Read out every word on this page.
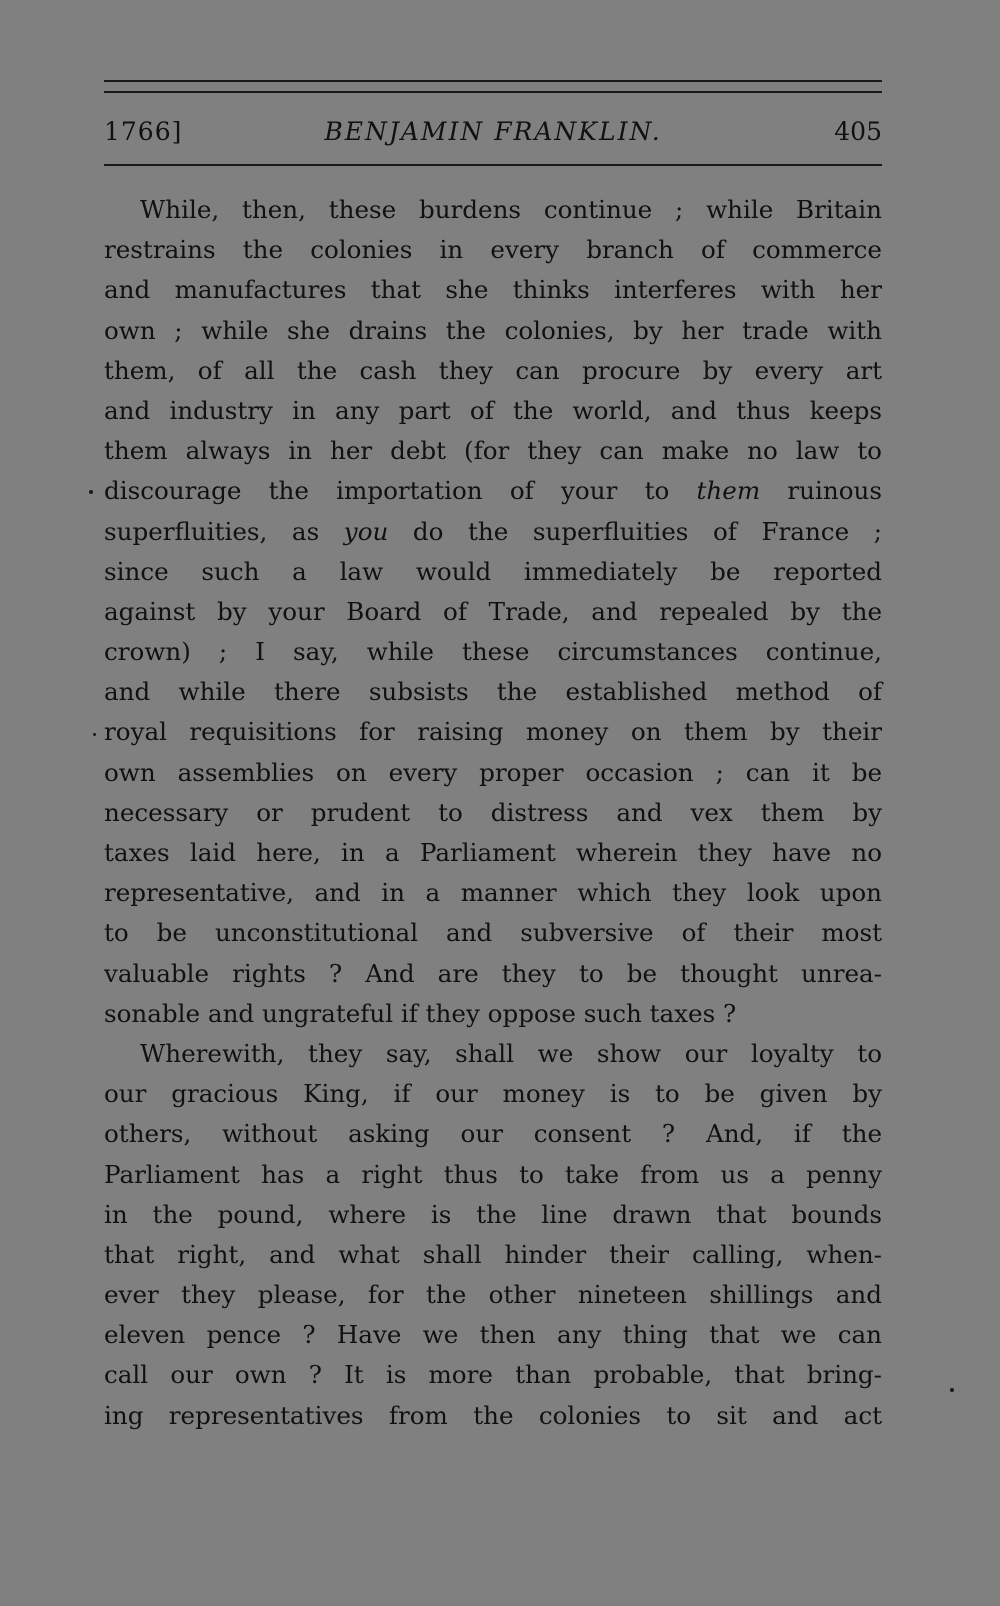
1766]	BENJAMIN FRANKLIN.	405
While, then, these burdens continue ; while Britain
restrains the colonies in every branch of commerce
and manufactures that she thinks interferes with her
own ; while she drains the colonies, by her trade with
them, of all the cash they can procure by every art
and industry in any part of the world, and thus keeps
them always in her debt (for they can make no law to
discourage the importation of your to them ruinous
superfluities, as you do the superfluities of France ;
since such a law would immediately be reported
against by your Board of Trade, and repealed by the
crown) ; I say, while these circumstances continue,
and while there subsists the established method of
royal requisitions for raising money on them by their
own assemblies on every proper occasion ; can it be
necessary or prudent to distress and vex them by
taxes laid here, in a Parliament wherein they have no
representative, and in a manner which they look upon
to be unconstitutional and subversive of their most
valuable rights ? And are they to be thought unrea-
sonable and ungrateful if they oppose such taxes ?
Wherewith, they say, shall we show our loyalty to
our gracious King, if our money is to be given by
others, without asking our consent ? And, if the
Parliament has a right thus to take from us a penny
in the pound, where is the line drawn that bounds
that right, and what shall hinder their calling, when-
ever they please, for the other nineteen shillings and
eleven pence ? Have we then any thing that we can
call our own ? It is more than probable, that bring-
ing representatives from the colonies to sit and act
